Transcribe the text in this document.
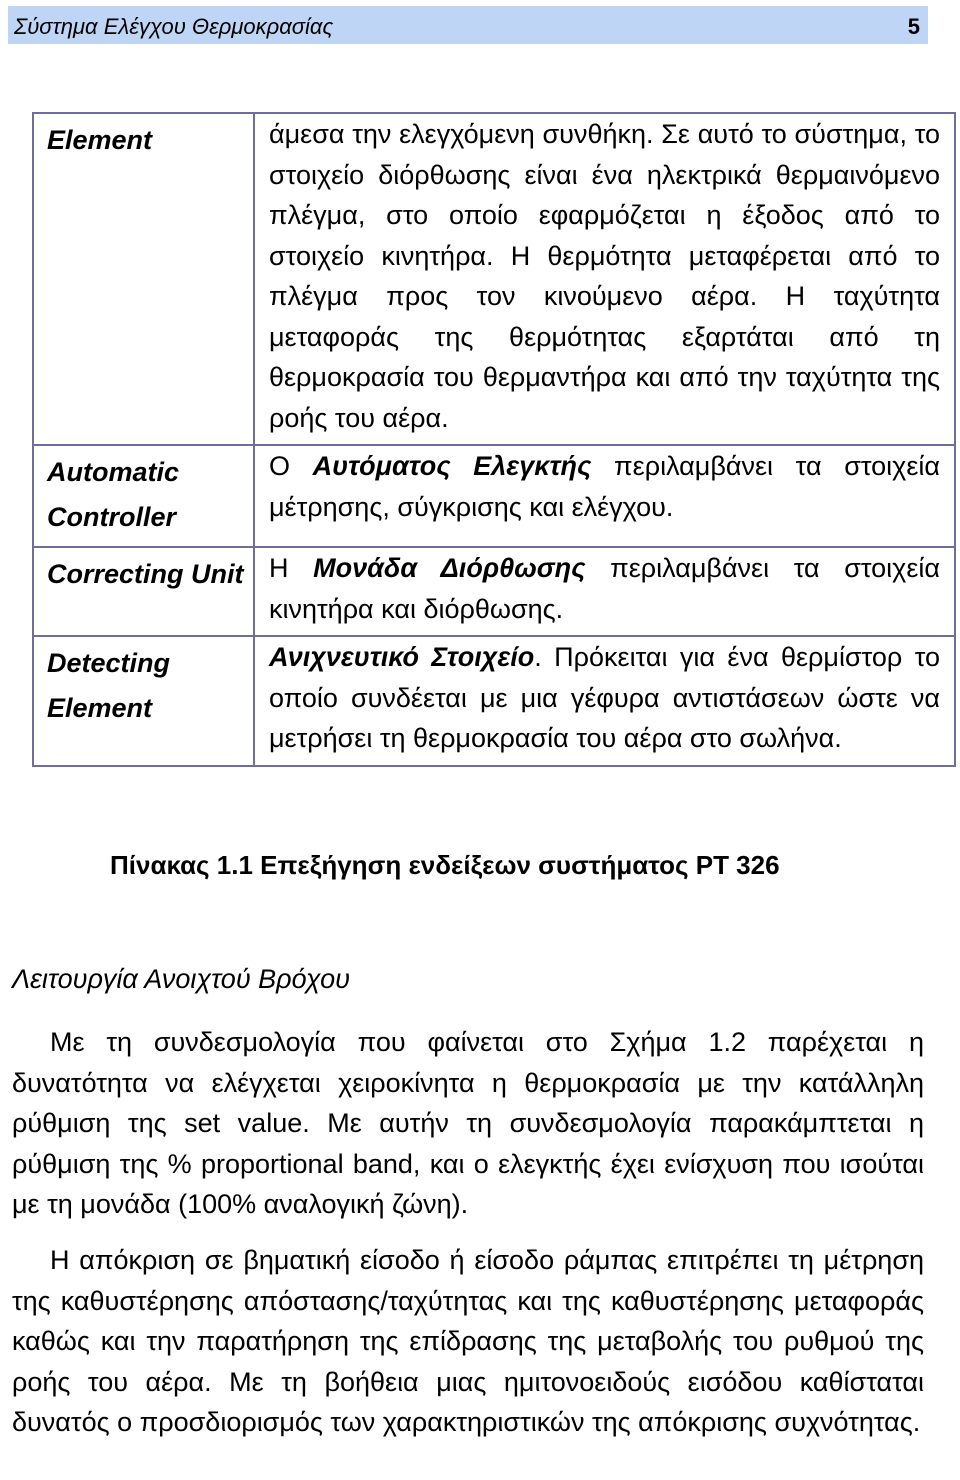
Σύστημα Ελέγχου Θερμοκρασίας	5
Element	άμεσα την ελεγχόμενη συνθήκη. Σε αυτό το σύστημα, το στοιχείο διόρθωσης είναι ένα ηλεκτρικά θερμαινόμενο πλέγμα, στο οποίο εφαρμόζεται η έξοδος από το στοιχείο κινητήρα. Η θερμότητα μεταφέρεται από το πλέγμα προς τον κινούμενο αέρα. Η ταχύτητα μεταφοράς της θερμότητας εξαρτάται από τη θερμοκρασία του θερμαντήρα και από την ταχύτητα της ροής του αέρα.
Automatic Controller	Ο Αυτόματος Ελεγκτής περιλαμβάνει τα στοιχεία μέτρησης, σύγκρισης και ελέγχου.
Correcting Unit	Η Μονάδα Διόρθωσης περιλαμβάνει τα στοιχεία κινητήρα και διόρθωσης.
Detecting Element	Ανιχνευτικό Στοιχείο. Πρόκειται για ένα θερμίστορ το οποίο συνδέεται με μια γέφυρα αντιστάσεων ώστε να μετρήσει τη θερμοκρασία του αέρα στο σωλήνα.
Πίνακας 1.1 Επεξήγηση ενδείξεων συστήματος PT 326
Λειτουργία Ανοιχτού Βρόχου

Με τη συνδεσμολογία που φαίνεται στο Σχήμα 1.2 παρέχεται η δυνατότητα να ελέγχεται χειροκίνητα η θερμοκρασία με την κατάλληλη ρύθμιση της set value. Με αυτήν τη συνδεσμολογία παρακάμπτεται η ρύθμιση της % proportional band, και ο ελεγκτής έχει ενίσχυση που ισούται με τη μονάδα (100% αναλογική ζώνη).

Η απόκριση σε βηματική είσοδο ή είσοδο ράμπας επιτρέπει τη μέτρηση της καθυστέρησης απόστασης/ταχύτητας και της καθυστέρησης μεταφοράς καθώς και την παρατήρηση της επίδρασης της μεταβολής του ρυθμού της ροής του αέρα. Με τη βοήθεια μιας ημιτονοειδούς εισόδου καθίσταται δυνατός ο προσδιορισμός των χαρακτηριστικών της απόκρισης συχνότητας.
